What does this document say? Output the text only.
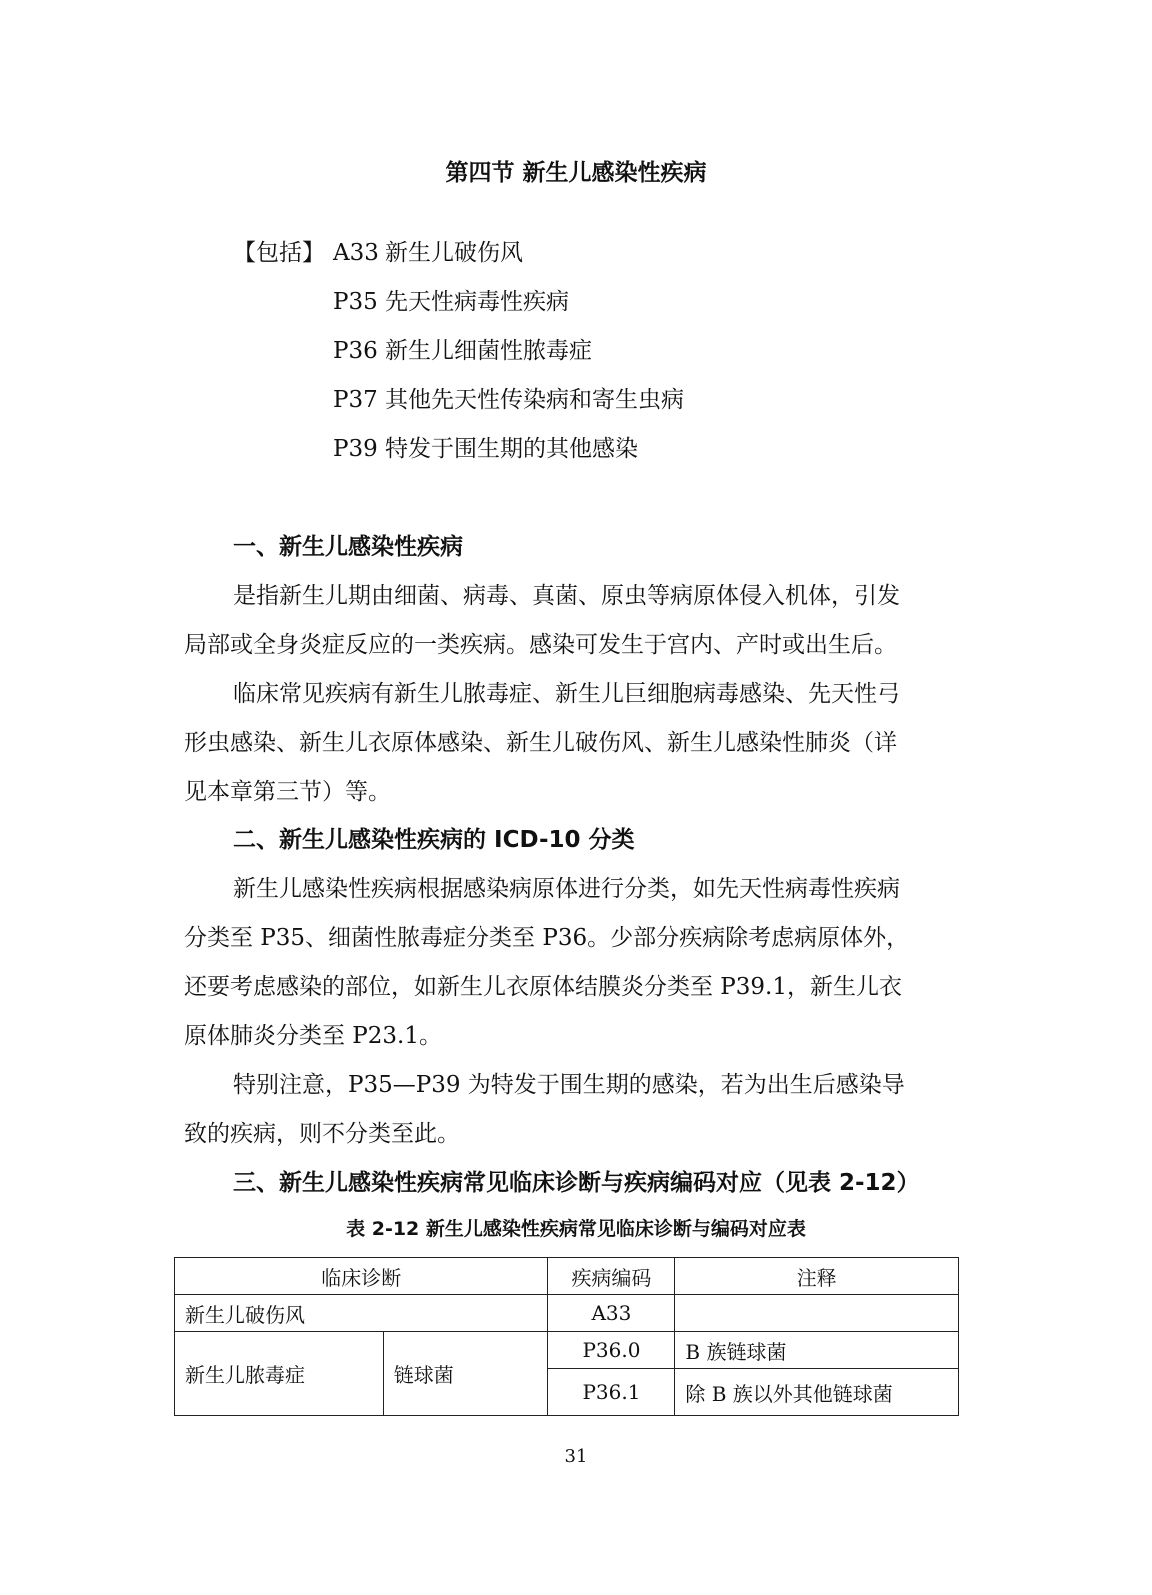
第四节 新生儿感染性疾病
【包括】 A33 新生儿破伤风
P35 先天性病毒性疾病
P36 新生儿细菌性脓毒症
P37 其他先天性传染病和寄生虫病
P39 特发于围生期的其他感染
一、新生儿感染性疾病
是指新生儿期由细菌、病毒、真菌、原虫等病原体侵入机体，引发
局部或全身炎症反应的一类疾病。感染可发生于宫内、产时或出生后。
临床常见疾病有新生儿脓毒症、新生儿巨细胞病毒感染、先天性弓
形虫感染、新生儿衣原体感染、新生儿破伤风、新生儿感染性肺炎（详
见本章第三节）等。
二、新生儿感染性疾病的 ICD-10 分类
新生儿感染性疾病根据感染病原体进行分类，如先天性病毒性疾病
分类至 P35、细菌性脓毒症分类至 P36。少部分疾病除考虑病原体外，
还要考虑感染的部位，如新生儿衣原体结膜炎分类至 P39.1，新生儿衣
原体肺炎分类至 P23.1。
特别注意，P35—P39 为特发于围生期的感染，若为出生后感染导
致的疾病，则不分类至此。
三、新生儿感染性疾病常见临床诊断与疾病编码对应（见表 2-12）
表 2-12 新生儿感染性疾病常见临床诊断与编码对应表
临床诊断		疾病编码	注释
新生儿破伤风		A33	
新生儿脓毒症	链球菌	P36.0	B 族链球菌
		P36.1	除 B 族以外其他链球菌
31
